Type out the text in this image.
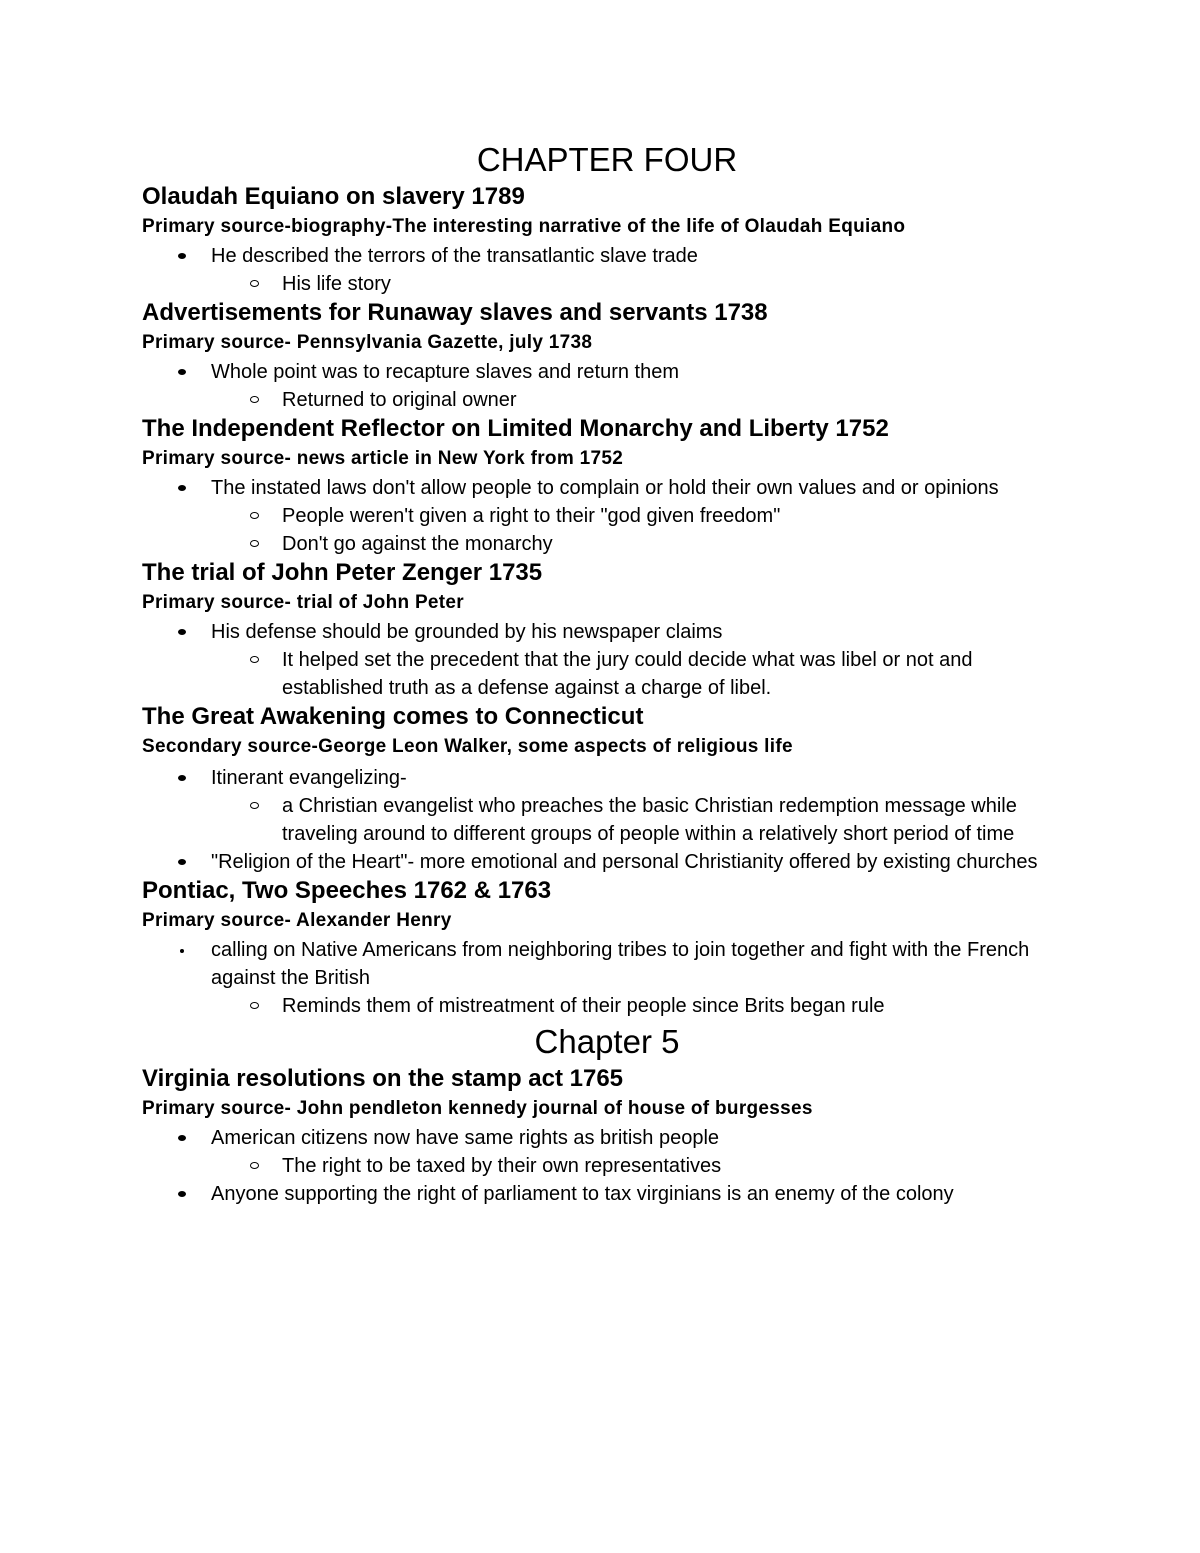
CHAPTER FOUR

Olaudah Equiano on slavery 1789

Primary source-biography-The interesting narrative of the life of Olaudah Equiano

He described the terrors of the transatlantic slave trade

His life story

Advertisements for Runaway slaves and servants 1738

Primary source- Pennsylvania Gazette, july 1738

Whole point was to recapture slaves and return them

Returned to original owner

The Independent Reflector on Limited Monarchy and Liberty 1752

Primary source- news article in New York from 1752

The instated laws don't allow people to complain or hold their own values and or opinions

People weren't given a right to their "god given freedom"

Don't go against the monarchy

The trial of John Peter Zenger 1735

Primary source- trial of John Peter

His defense should be grounded by his newspaper claims

It helped set the precedent that the jury could decide what was libel or not and established truth as a defense against a charge of libel.

The Great Awakening comes to Connecticut

Secondary source-George Leon Walker, some aspects of religious life

Itinerant evangelizing-

a Christian evangelist who preaches the basic Christian redemption message while traveling around to different groups of people within a relatively short period of time

"Religion of the Heart"- more emotional and personal Christianity offered by existing churches

Pontiac, Two Speeches 1762 & 1763

Primary source- Alexander Henry

calling on Native Americans from neighboring tribes to join together and fight with the French against the British

Reminds them of mistreatment of their people since Brits began rule

Chapter 5

Virginia resolutions on the stamp act 1765

Primary source- John pendleton kennedy journal of house of burgesses

American citizens now have same rights as british people

The right to be taxed by their own representatives

Anyone supporting the right of parliament to tax virginians is an enemy of the colony
